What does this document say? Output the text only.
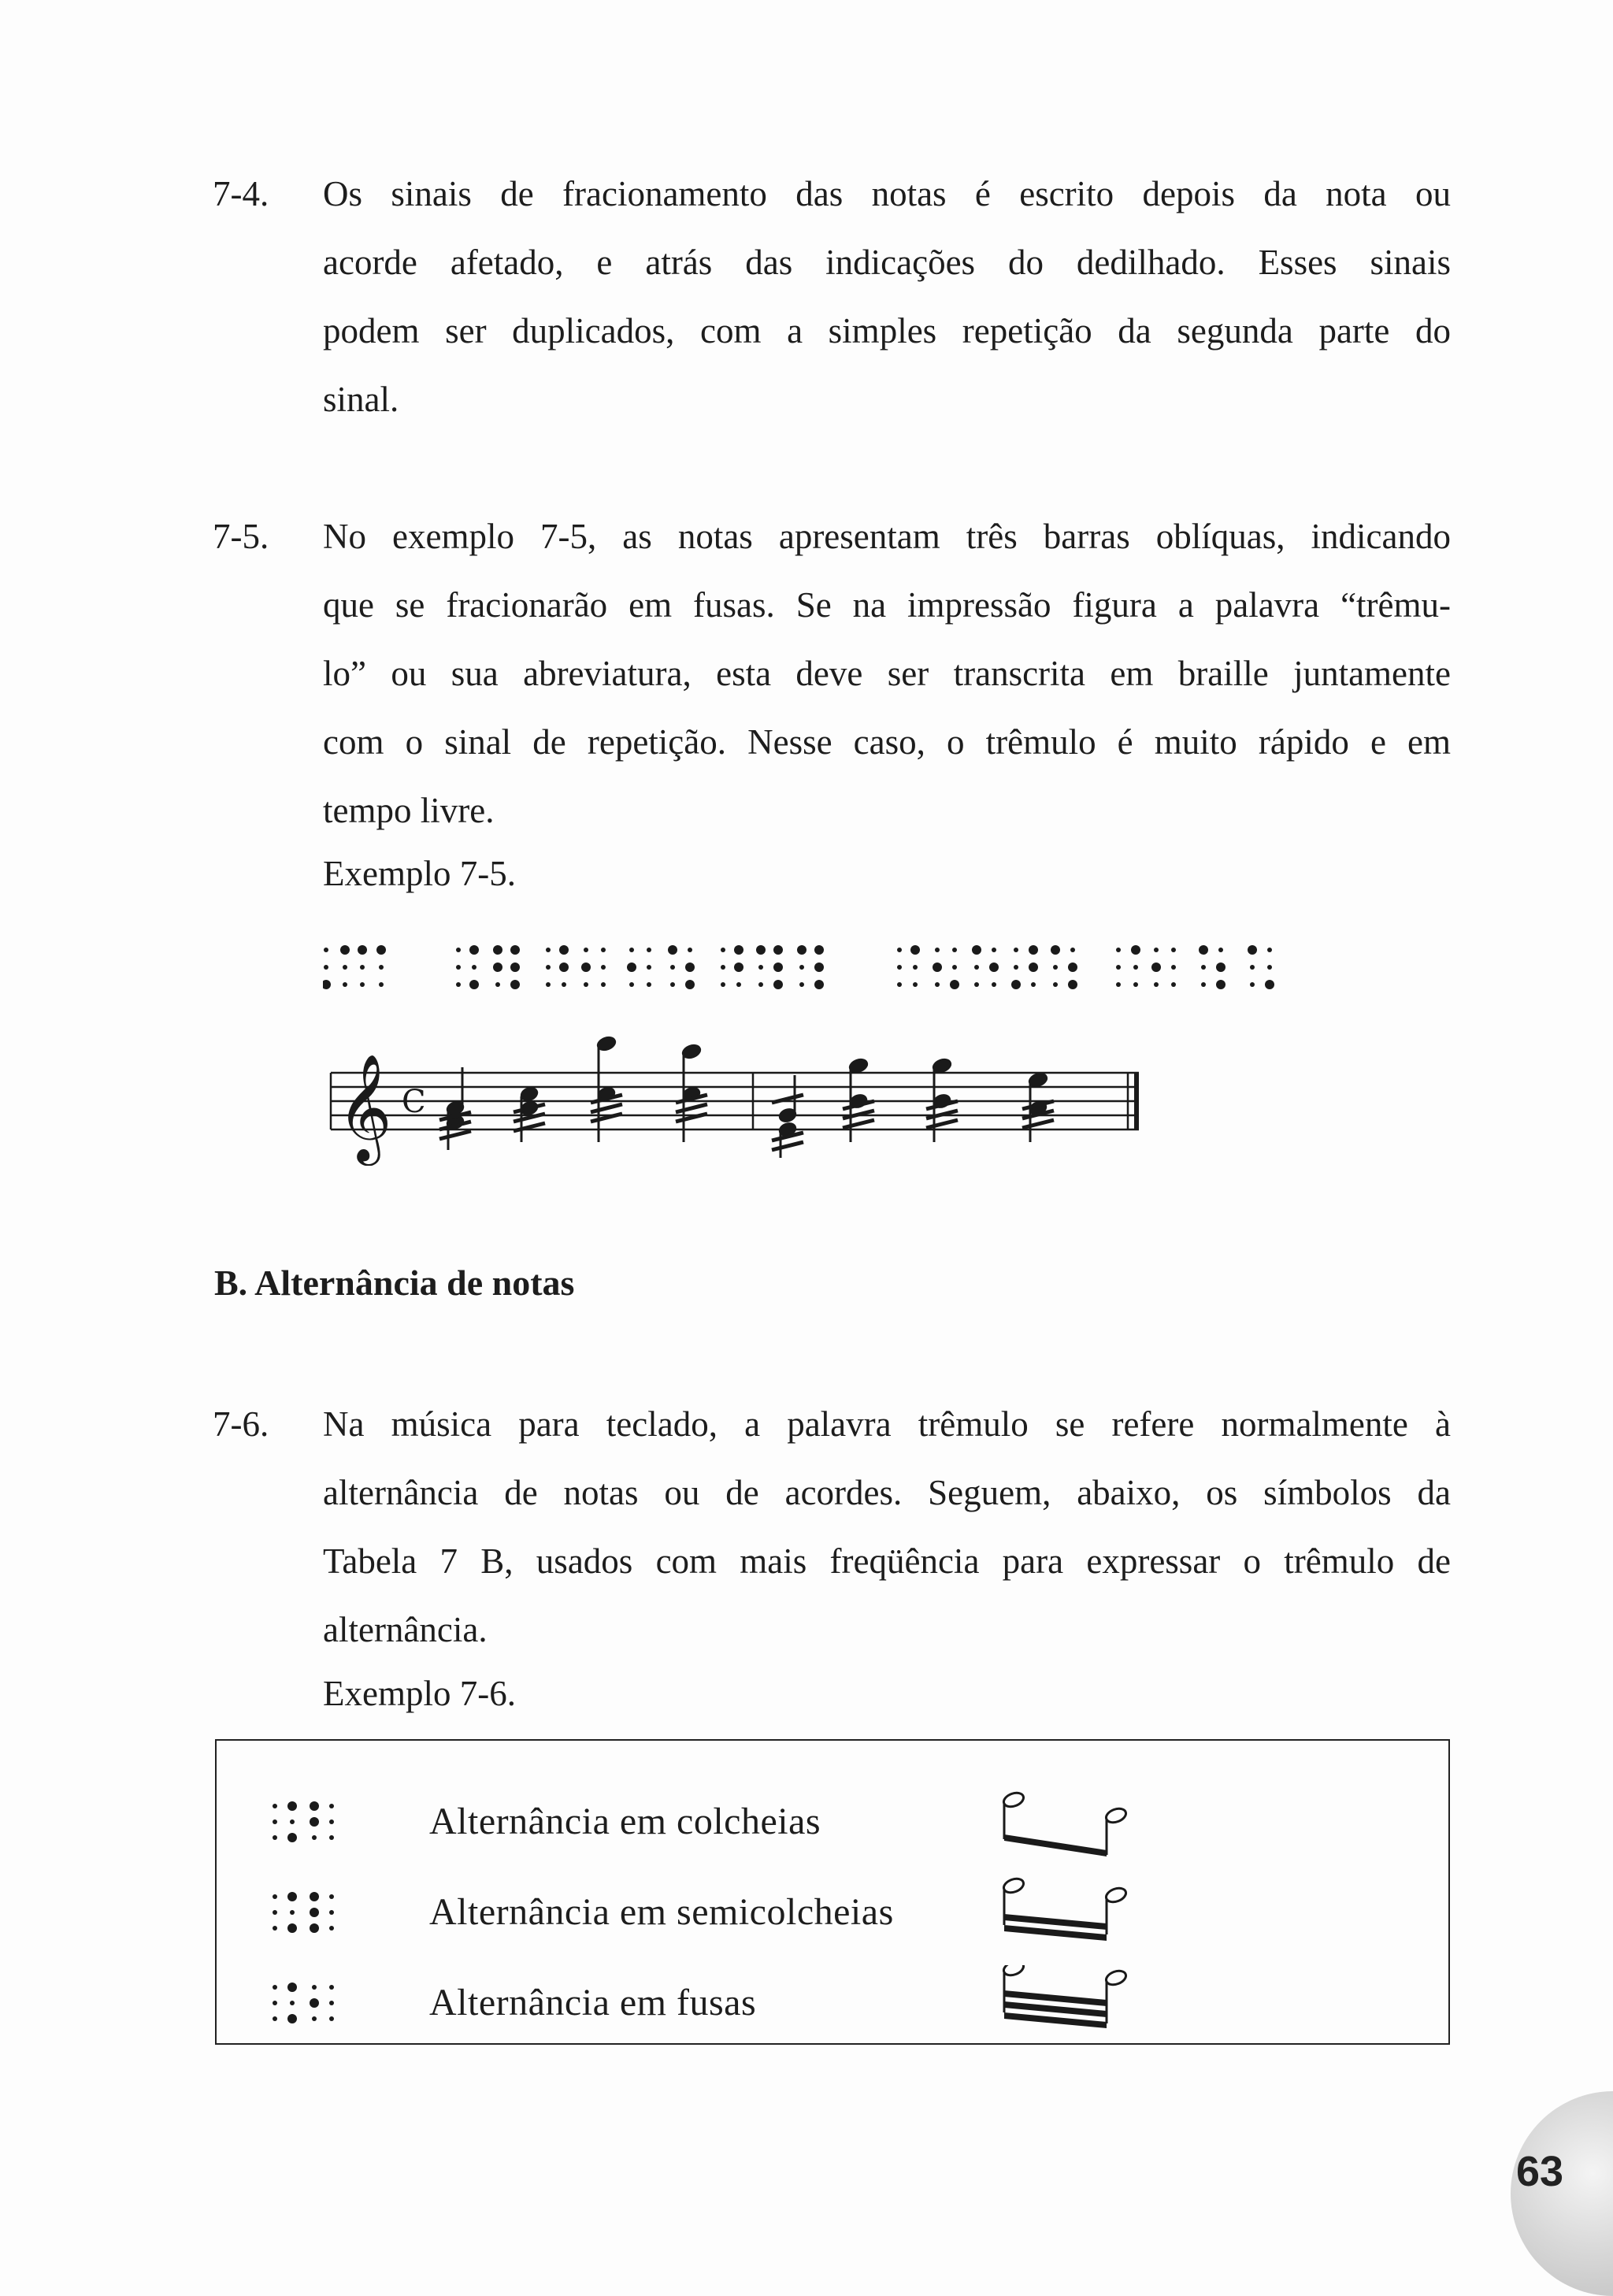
7-4. Os sinais de fracionamento das notas é escrito depois da nota ou
acorde afetado, e atrás das indicações do dedilhado. Esses sinais
podem ser duplicados, com a simples repetição da segunda parte do
sinal.
7-5. No exemplo 7-5, as notas apresentam três barras oblíquas, indicando
que se fracionarão em fusas. Se na impressão figura a palavra “trêmu-
lo” ou sua abreviatura, esta deve ser transcrita em braille juntamente
com o sinal de repetição. Nesse caso, o trêmulo é muito rápido e em
tempo livre.
Exemplo 7-5.
𝄞 C
B. Alternância de notas
7-6. Na música para teclado, a palavra trêmulo se refere normalmente à
alternância de notas ou de acordes. Seguem, abaixo, os símbolos da
Tabela 7 B, usados com mais freqüência para expressar o trêmulo de
alternância.
Exemplo 7-6.
Alternância em colcheias
Alternância em semicolcheias
Alternância em fusas
63
